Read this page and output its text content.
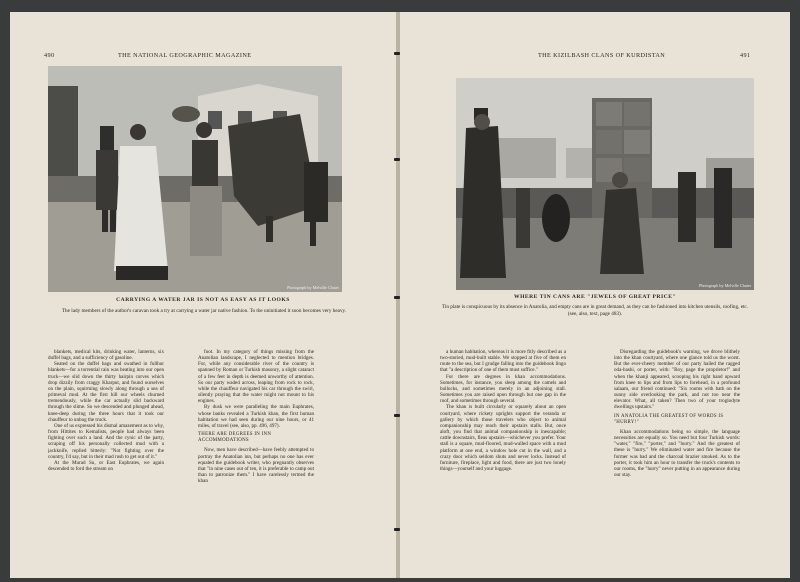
490	THE NATIONAL GEOGRAPHIC MAGAZINE
Photograph by Melville Chater
CARRYING A WATER JAR IS NOT AS EASY AS IT LOOKS
The lady members of the author's caravan took a try at carrying a water jar native fashion. To the uninitiated it soon becomes very heavy.

blankets, medical kits, drinking water, lanterns, six duffel bags, and a sufficiency of gasoline.

Seated on the duffel bags and swathed in fullbor blankets—for a torrential rain was beating into our open truck—we slid down the thirty hairpin curves which drop dizzily from craggy Kharput, and found ourselves on the plain, squirming slowly along through a sea of primeval mud. At the first hill our wheels churned tremendously, while the car actually slid backward through the slime. So we descended and plunged ahead, knee-deep during the three hours that it took our chauffeur to unbog the truck.

One of us expressed his dismal amazement as to why, from Hittites to Kemalists, people had always been fighting over such a land. And the cynic of the party, scraping off his personally collected mud with a jackknife, replied bitterly: "Not fighting over the country, I'd say, but in their mad rush to get out of it."

At the Murad Su, or East Euphrates, we again descended to ford the stream on

foot. In my category of things missing from the Anatolian landscape, I neglected to mention bridges. For, while any considerable river of the country is spanned by Roman or Turkish masonry, a slight cataract of a few feet in depth is deemed unworthy of attention. So our party waded across, leaping from rock to rock, while the chauffeur navigated his car through the swirl, silently praying that the water might not mount to his engines.

By dusk we were paralleling the main Euphrates, whose banks revealed a Turkish khan, the first human habitation we had seen during our nine hours, or 41 miles, of travel (see, also, pp. 496, 497).

THERE ARE DEGREES IN INN ACCOMMODATIONS

Now, men have described—have feebly attempted to portray the Anatolian inn, but perhaps no one has ever equaled the guidebook writer, who pregnantly observes that "in nine cases out of ten, it is preferable to camp out than to patronize them." I have carelessly termed the khan

THE KIZILBASH CLANS OF KURDISTAN	491
Photograph by Melville Chater
WHERE TIN CANS ARE "JEWELS OF GREAT PRICE"
Tin plate is conspicuous by its absence in Anatolia, and empty cans are in great demand, as they can be fashioned into kitchen utensils, roofing, etc. (see, also, text, page 483).

a human habitation, whereas it is more fitly described as a two-storied, mud-built stable. We stopped at five of them en route to the sea, but I grudge falling into the guidebook lingo that "a description of one of them must suffice."

For there are degrees in khan accommodations. Sometimes, for instance, you sleep among the camels and bullocks, and sometimes merely in an adjoining stall. Sometimes you are raised upon through but one gap in the roof, and sometimes through several.

The khan is built circularly or squarely about an open courtyard, where rickety uprights support the veranda or gallery by which those travelers who object to animal companionship may reach their upstairs stalls. But, once aloft, you find that animal companionship is inescapable; cattle downstairs, fleas upstairs—whichever you prefer. Your stall is a square, mud-floored, mud-walled space with a mud platform at one end, a window hole cut in the wall, and a crazy door which seldom shuts and never locks. Instead of furniture, fireplace, light and food, there are just two lonely things—yourself and your luggage.

Disregarding the guidebook's warning, we drove blithely into the khan courtyard, where one glance told us the worst. But the ever-cheery member of our party hailed the ragged oda-bashi, or porter, with: "Boy, page the proprietor!" and when the khanji appeared, scooping his right hand upward from knee to lips and from lips to forehead, in a profound salaam, our friend continued: "Six rooms with bath on the sunny side overlooking the park, and not too near the elevator. What, all taken? Then two of your troglodyte dwellings upstairs."

IN ANATOLIA THE GREATEST OF WORDS IS "HURRY!"

Khan accommodations being so simple, the language necessities are equally so. You need but four Turkish words: "water," "fire," "porter," and "hurry." And the greatest of these is "hurry." We eliminated water and fire because the former was bad and the charcoal brazier smoked. As to the porter, it took him an hour to transfer the truck's contents to our rooms, the "hurry" never putting in an appearance during our stay.
